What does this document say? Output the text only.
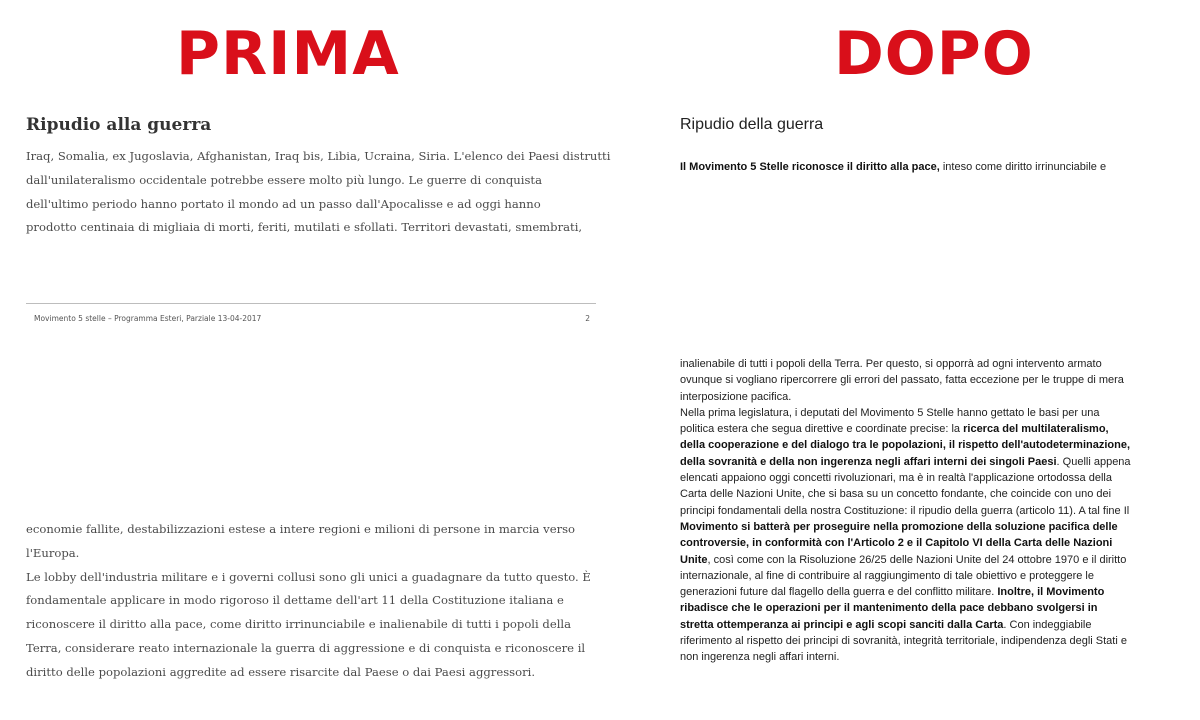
PRIMA	DOPO
Ripudio alla guerra
Iraq, Somalia, ex Jugoslavia, Afghanistan, Iraq bis, Libia, Ucraina, Siria. L'elenco dei Paesi distrutti
dall'unilateralismo occidentale potrebbe essere molto più lungo. Le guerre di conquista
dell'ultimo periodo hanno portato il mondo ad un passo dall'Apocalisse e ad oggi hanno
prodotto centinaia di migliaia di morti, feriti, mutilati e sfollati. Territori devastati, smembrati,
Movimento 5 stelle – Programma Esteri, Parziale 13-04-2017	2
economie fallite, destabilizzazioni estese a intere regioni e milioni di persone in marcia verso
l'Europa.
Le lobby dell'industria militare e i governi collusi sono gli unici a guadagnare da tutto questo. È
fondamentale applicare in modo rigoroso il dettame dell'art 11 della Costituzione italiana e
riconoscere il diritto alla pace, come diritto irrinunciabile e inalienabile di tutti i popoli della
Terra, considerare reato internazionale la guerra di aggressione e di conquista e riconoscere il
diritto delle popolazioni aggredite ad essere risarcite dal Paese o dai Paesi aggressori.
Ripudio della guerra
Il Movimento 5 Stelle riconosce il diritto alla pace, inteso come diritto irrinunciabile e
inalienabile di tutti i popoli della Terra. Per questo, si opporrà ad ogni intervento armato
ovunque si vogliano ripercorrere gli errori del passato, fatta eccezione per le truppe di mera
interposizione pacifica.
Nella prima legislatura, i deputati del Movimento 5 Stelle hanno gettato le basi per una
politica estera che segua direttive e coordinate precise: la ricerca del multilateralismo,
della cooperazione e del dialogo tra le popolazioni, il rispetto dell'autodeterminazione,
della sovranità e della non ingerenza negli affari interni dei singoli Paesi. Quelli appena
elencati appaiono oggi concetti rivoluzionari, ma è in realtà l'applicazione ortodossa della
Carta delle Nazioni Unite, che si basa su un concetto fondante, che coincide con uno dei
principi fondamentali della nostra Costituzione: il ripudio della guerra (articolo 11). A tal fine Il
Movimento si batterà per proseguire nella promozione della soluzione pacifica delle
controversie, in conformità con l'Articolo 2 e il Capitolo VI della Carta delle Nazioni
Unite, così come con la Risoluzione 26/25 delle Nazioni Unite del 24 ottobre 1970 e il diritto
internazionale, al fine di contribuire al raggiungimento di tale obiettivo e proteggere le
generazioni future dal flagello della guerra e del conflitto militare. Inoltre, il Movimento
ribadisce che le operazioni per il mantenimento della pace debbano svolgersi in
stretta ottemperanza ai principi e agli scopi sanciti dalla Carta. Con indeggiabile
riferimento al rispetto dei principi di sovranità, integrità territoriale, indipendenza degli Stati e
non ingerenza negli affari interni.
